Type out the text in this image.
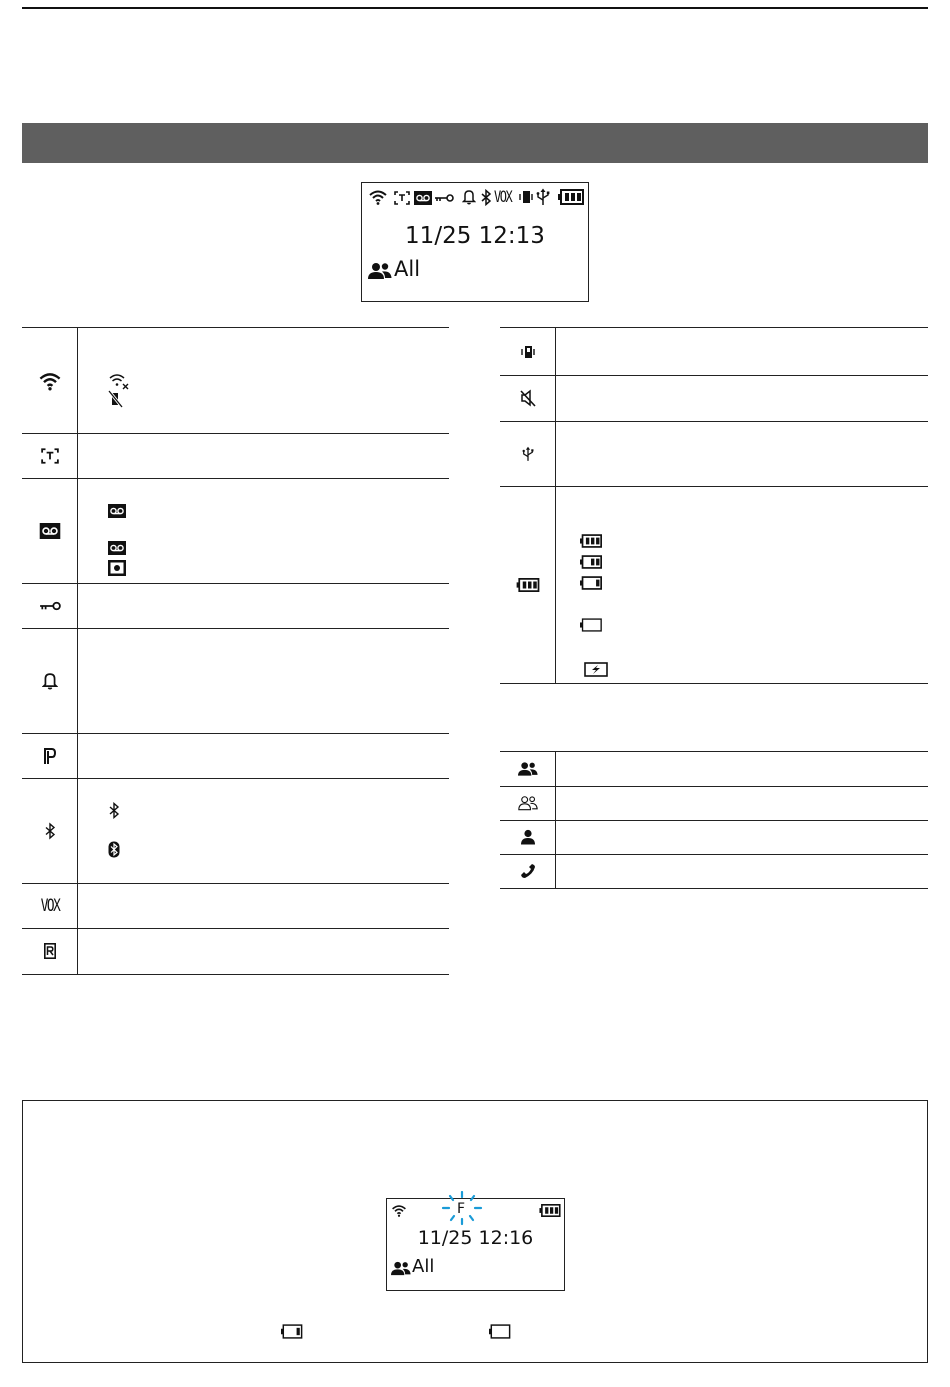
VOX
11/25 12:13
All
VOX
F
11/25 12:16
All
